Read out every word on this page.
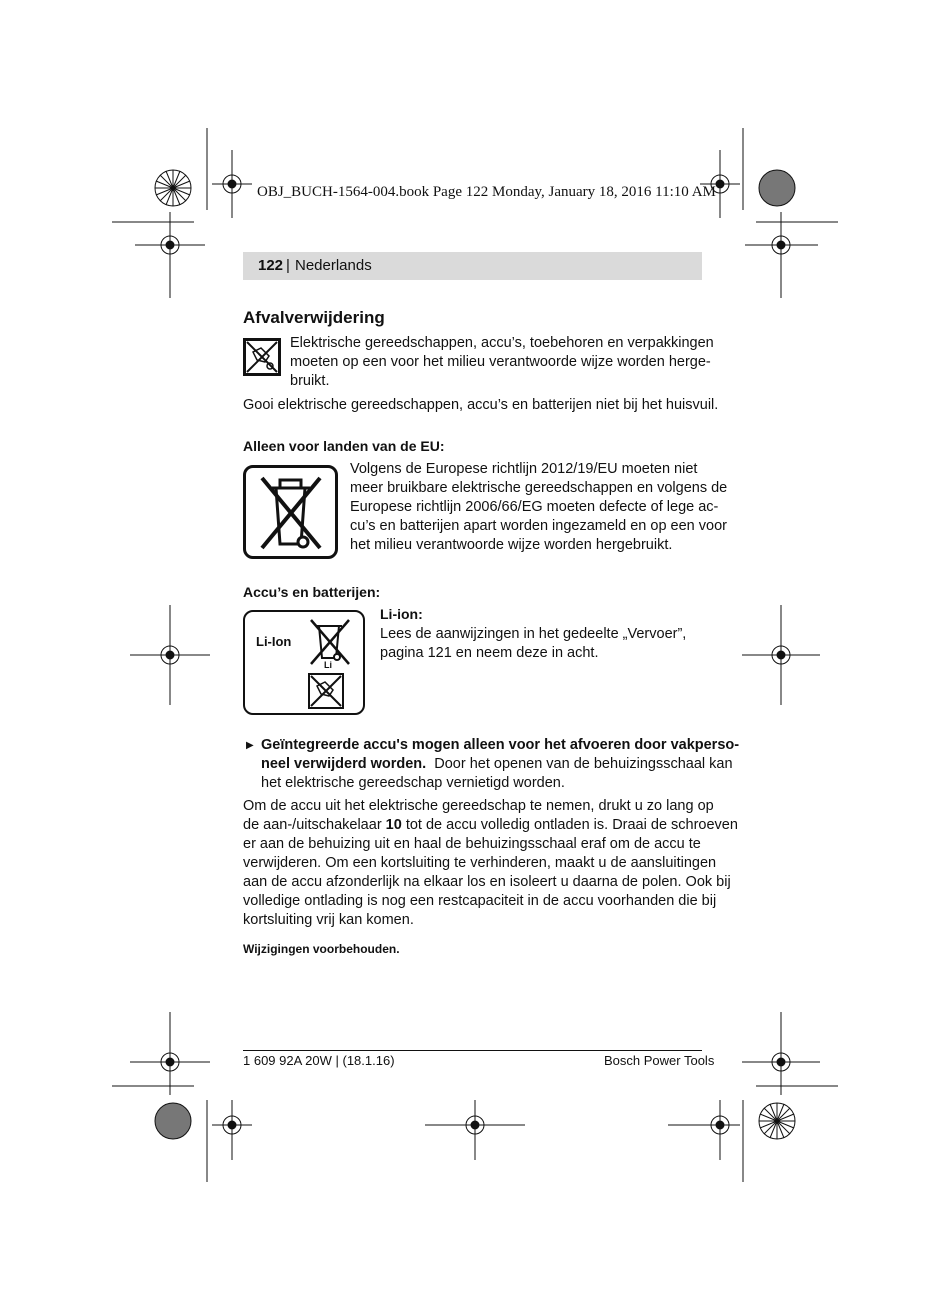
OBJ_BUCH-1564-004.book Page 122 Monday, January 18, 2016 11:10 AM
122 | Nederlands
Afvalverwijdering
Elektrische gereedschappen, accu’s, toebehoren en verpakkingen
moeten op een voor het milieu verantwoorde wijze worden herge-
bruikt.
Gooi elektrische gereedschappen, accu’s en batterijen niet bij het huisvuil.
Alleen voor landen van de EU:
Volgens de Europese richtlijn 2012/19/EU moeten niet
meer bruikbare elektrische gereedschappen en volgens de
Europese richtlijn 2006/66/EG moeten defecte of lege ac-
cu’s en batterijen apart worden ingezameld en op een voor
het milieu verantwoorde wijze worden hergebruikt.
Accu’s en batterijen:
Li-Ion
Li
Li-ion:
Lees de aanwijzingen in het gedeelte „Vervoer”,
pagina 121 en neem deze in acht.
▶ Geïntegreerde accu's mogen alleen voor het afvoeren door vakperso-
neel verwijderd worden. Door het openen van de behuizingsschaal kan
het elektrische gereedschap vernietigd worden.
Om de accu uit het elektrische gereedschap te nemen, drukt u zo lang op
de aan-/uitschakelaar 10 tot de accu volledig ontladen is. Draai de schroeven
er aan de behuizing uit en haal de behuizingsschaal eraf om de accu te
verwijderen. Om een kortsluiting te verhinderen, maakt u de aansluitingen
aan de accu afzonderlijk na elkaar los en isoleert u daarna de polen. Ook bij
volledige ontlading is nog een restcapaciteit in de accu voorhanden die bij
kortsluiting vrij kan komen.
Wijzigingen voorbehouden.
1 609 92A 20W | (18.1.16)	Bosch Power Tools
